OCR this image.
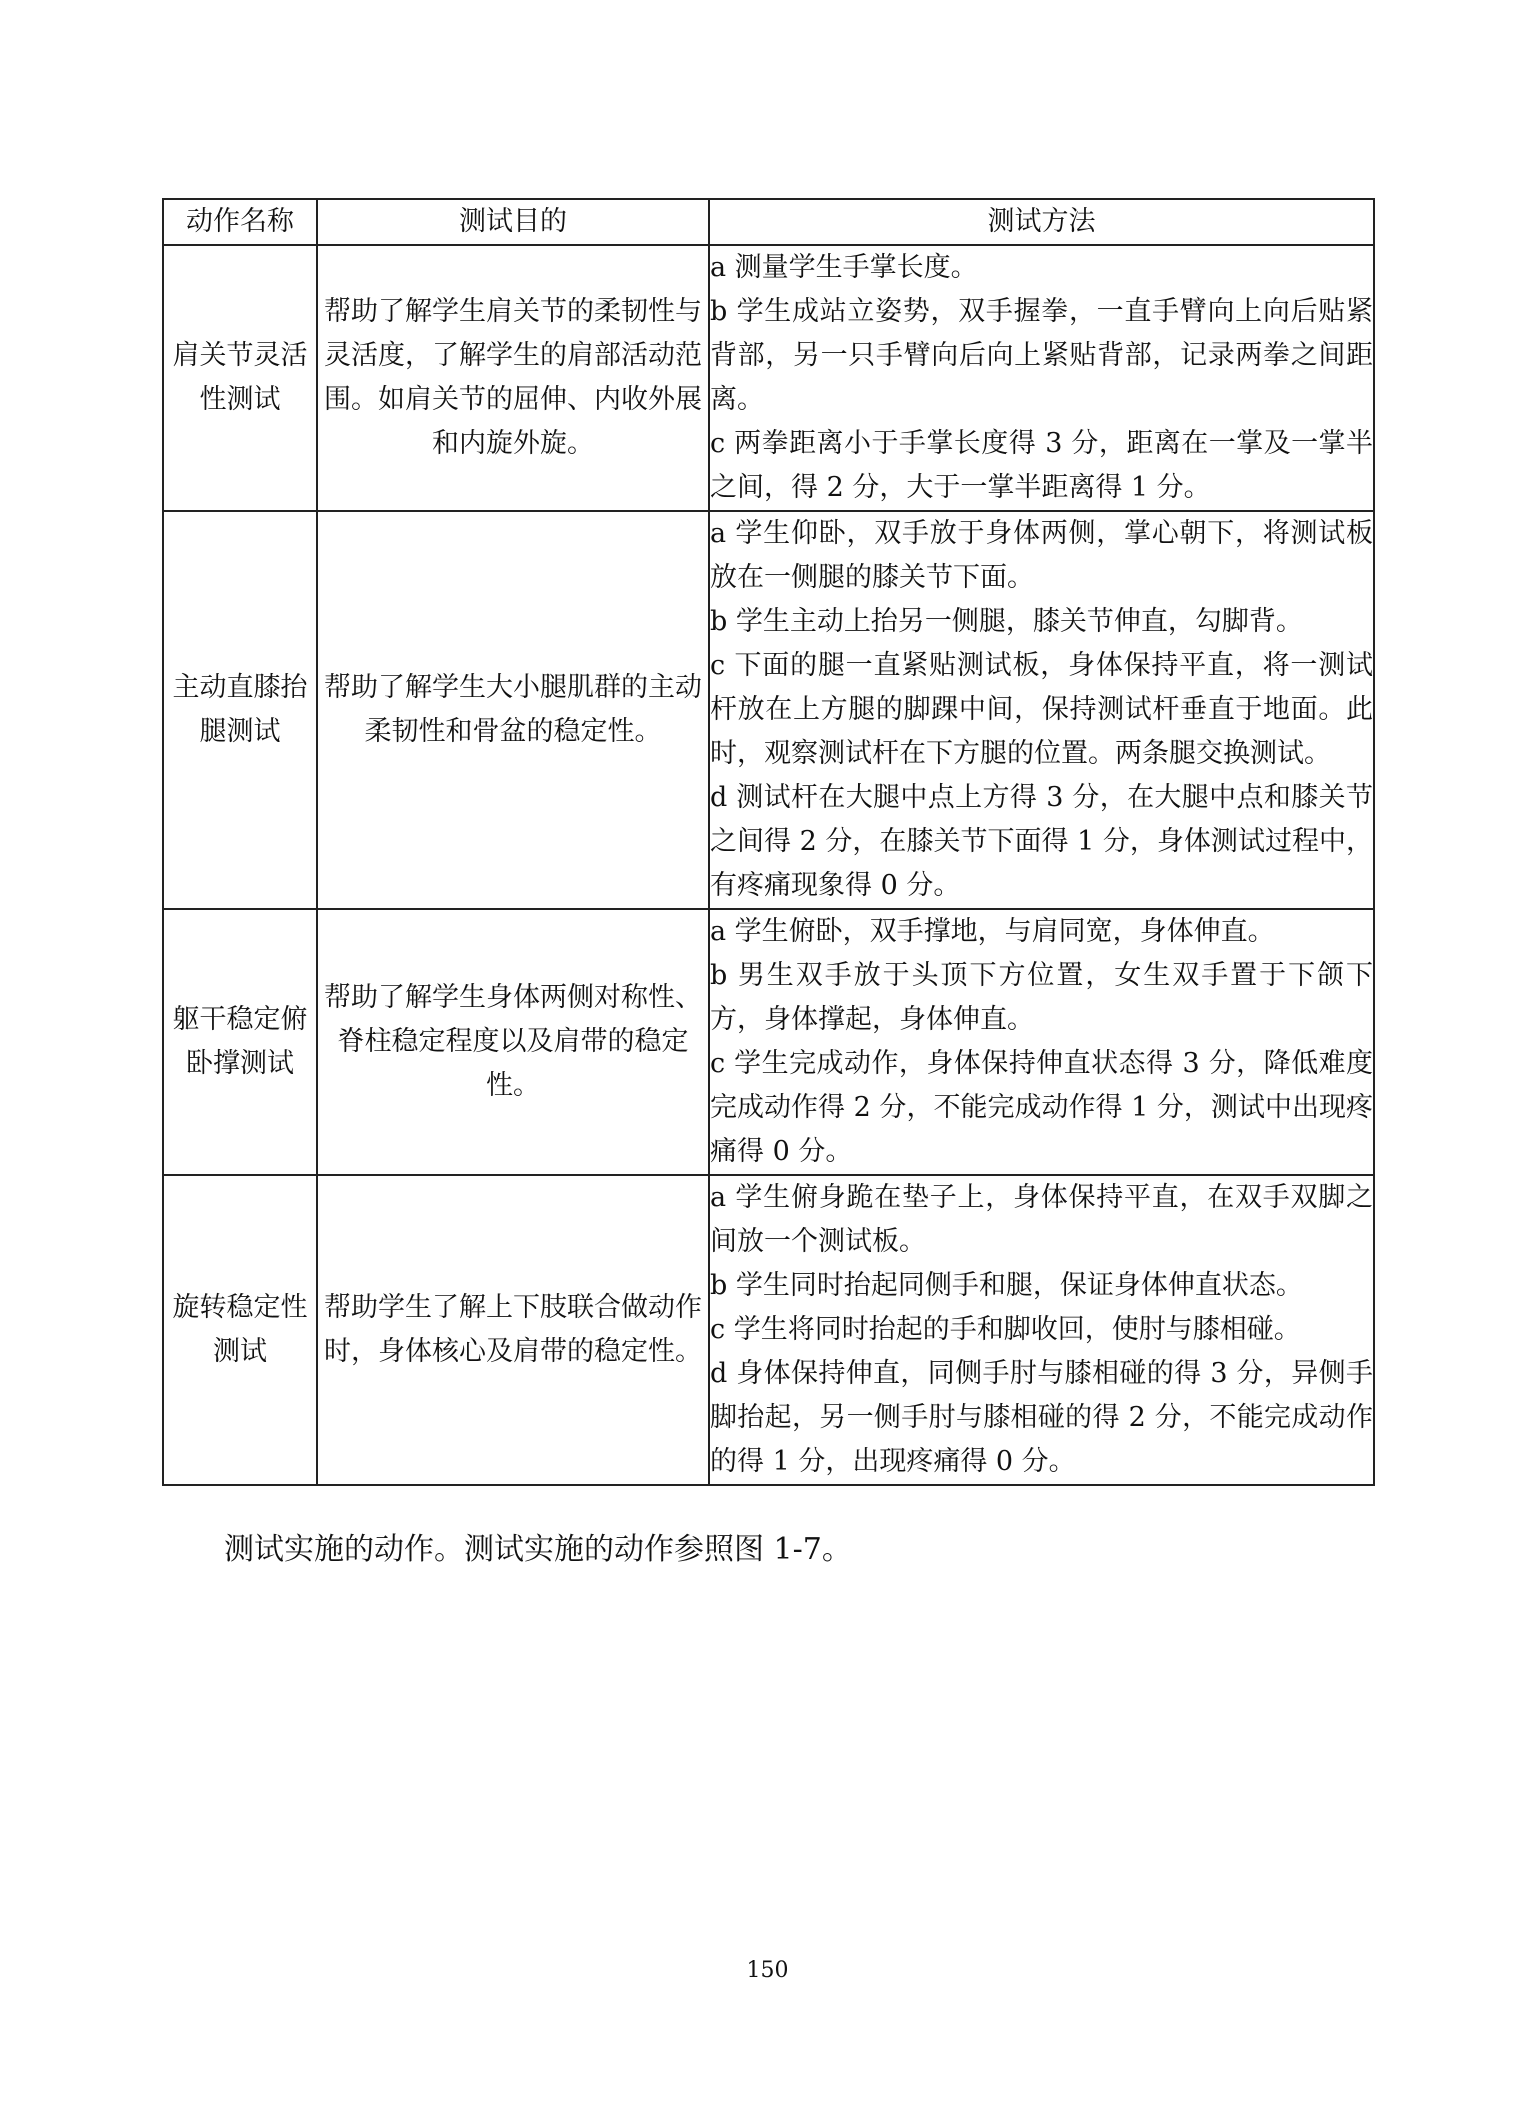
动作名称	测试目的	测试方法
肩关节灵活性测试	帮助了解学生肩关节的柔韧性与灵活度，了解学生的肩部活动范围。如肩关节的屈伸、内收外展和内旋外旋。	a 测量学生手掌长度。

b 学生成站立姿势，双手握拳，一直手臂向上向后贴紧背部，另一只手臂向后向上紧贴背部，记录两拳之间距离。

c 两拳距离小于手掌长度得 3 分，距离在一掌及一掌半之间，得 2 分，大于一掌半距离得 1 分。

主动直膝抬腿测试	帮助了解学生大小腿肌群的主动柔韧性和骨盆的稳定性。	a 学生仰卧，双手放于身体两侧，掌心朝下，将测试板放在一侧腿的膝关节下面。

b 学生主动上抬另一侧腿，膝关节伸直，勾脚背。

c 下面的腿一直紧贴测试板，身体保持平直，将一测试杆放在上方腿的脚踝中间，保持测试杆垂直于地面。此时，观察测试杆在下方腿的位置。两条腿交换测试。

d 测试杆在大腿中点上方得 3 分，在大腿中点和膝关节之间得 2 分，在膝关节下面得 1 分，身体测试过程中，有疼痛现象得 0 分。

躯干稳定俯卧撑测试	帮助了解学生身体两侧对称性、脊柱稳定程度以及肩带的稳定性。	a 学生俯卧，双手撑地，与肩同宽，身体伸直。

b 男生双手放于头顶下方位置，女生双手置于下颌下方，身体撑起，身体伸直。

c 学生完成动作，身体保持伸直状态得 3 分，降低难度完成动作得 2 分，不能完成动作得 1 分，测试中出现疼痛得 0 分。

旋转稳定性测试	帮助学生了解上下肢联合做动作时，身体核心及肩带的稳定性。	a 学生俯身跪在垫子上，身体保持平直，在双手双脚之间放一个测试板。

b 学生同时抬起同侧手和腿，保证身体伸直状态。

c 学生将同时抬起的手和脚收回，使肘与膝相碰。

d 身体保持伸直，同侧手肘与膝相碰的得 3 分，异侧手脚抬起，另一侧手肘与膝相碰的得 2 分，不能完成动作的得 1 分，出现疼痛得 0 分。

测试实施的动作。测试实施的动作参照图 1-7。
150
